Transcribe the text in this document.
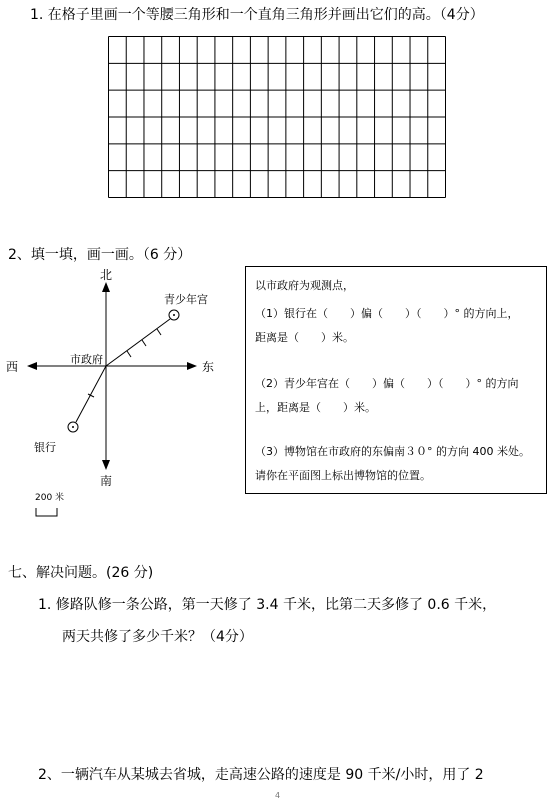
1. 在格子里画一个等腰三角形和一个直角三角形并画出它们的高。（4分）
2、填一填，画一画。（6 分）
北
南
东
西
市政府
青少年宫
银行
200 米
以市政府为观测点，
（1）银行在（　　）偏（　　）（　　）° 的方向上，
距离是（　　）米。
（2）青少年宫在（　　）偏（　　）（　　）° 的方向
上，距离是（　　）米。
（3）博物馆在市政府的东偏南３０° 的方向 400 米处。
请你在平面图上标出博物馆的位置。
七、解决问题。(26 分)
1. 修路队修一条公路，第一天修了 3.4 千米，比第二天多修了 0.6 千米，
两天共修了多少千米？（4分）
2、一辆汽车从某城去省城，走高速公路的速度是 90 千米/小时，用了 2
4
